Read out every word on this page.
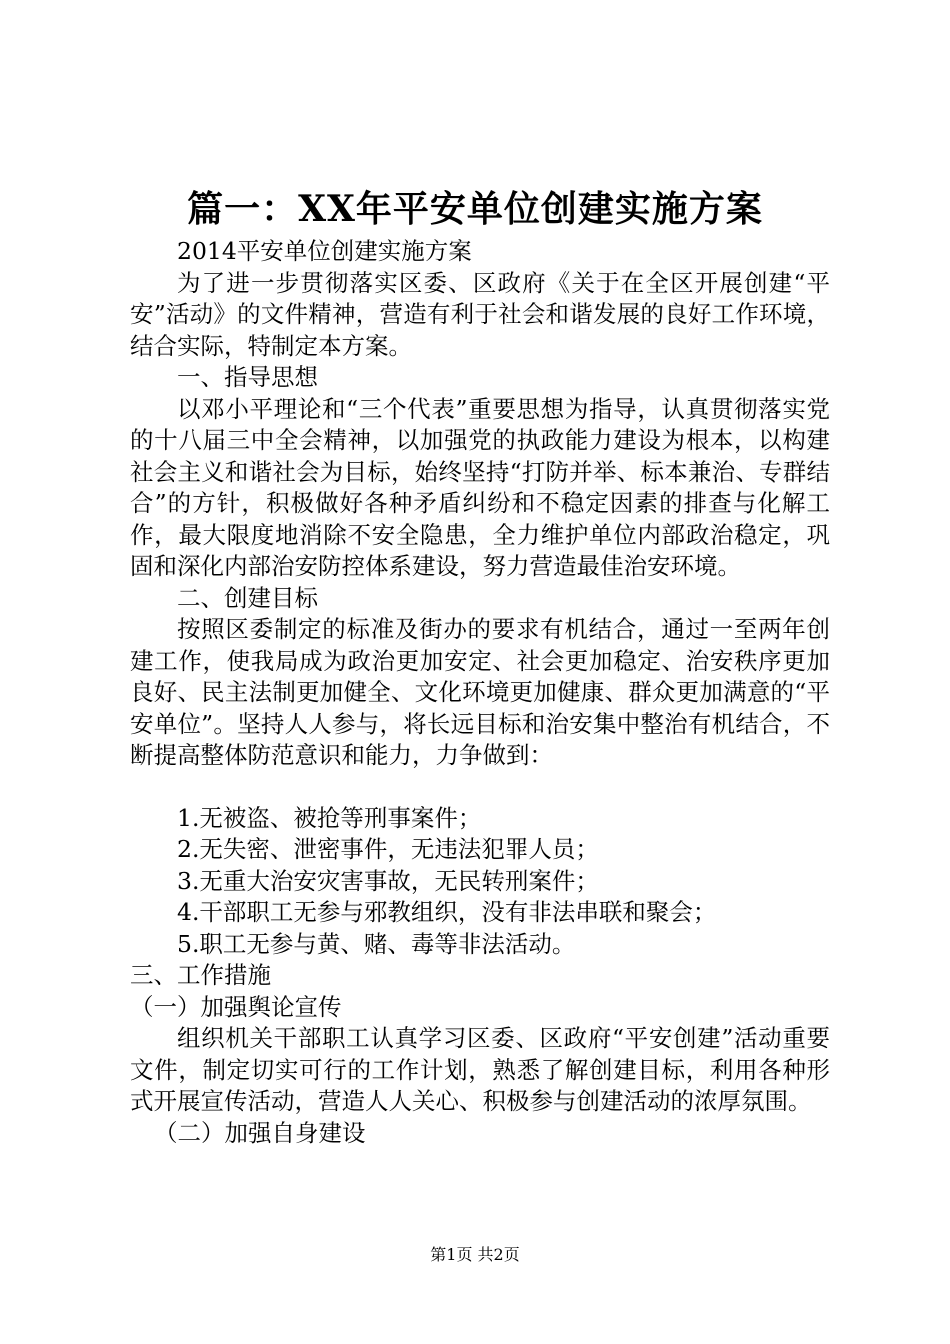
篇一：XX年平安单位创建实施方案

2014平安单位创建实施方案

为了进一步贯彻落实区委、区政府《关于在全区开展创建“平安”活动》的文件精神，营造有利于社会和谐发展的良好工作环境，结合实际，特制定本方案。

一、指导思想

以邓小平理论和“三个代表”重要思想为指导，认真贯彻落实党的十八届三中全会精神，以加强党的执政能力建设为根本，以构建社会主义和谐社会为目标，始终坚持“打防并举、标本兼治、专群结合”的方针，积极做好各种矛盾纠纷和不稳定因素的排查与化解工作，最大限度地消除不安全隐患，全力维护单位内部政治稳定，巩固和深化内部治安防控体系建设，努力营造最佳治安环境。

二、创建目标

按照区委制定的标准及街办的要求有机结合，通过一至两年创建工作，使我局成为政治更加安定、社会更加稳定、治安秩序更加良好、民主法制更加健全、文化环境更加健康、群众更加满意的“平安单位”。坚持人人参与，将长远目标和治安集中整治有机结合，不断提高整体防范意识和能力，力争做到：

1.无被盗、被抢等刑事案件；

2.无失密、泄密事件，无违法犯罪人员；

3.无重大治安灾害事故，无民转刑案件；

4.干部职工无参与邪教组织，没有非法串联和聚会；

5.职工无参与黄、赌、毒等非法活动。

三、工作措施

（一）加强舆论宣传

组织机关干部职工认真学习区委、区政府“平安创建”活动重要文件，制定切实可行的工作计划，熟悉了解创建目标，利用各种形式开展宣传活动，营造人人关心、积极参与创建活动的浓厚氛围。

（二）加强自身建设

第1页 共2页
